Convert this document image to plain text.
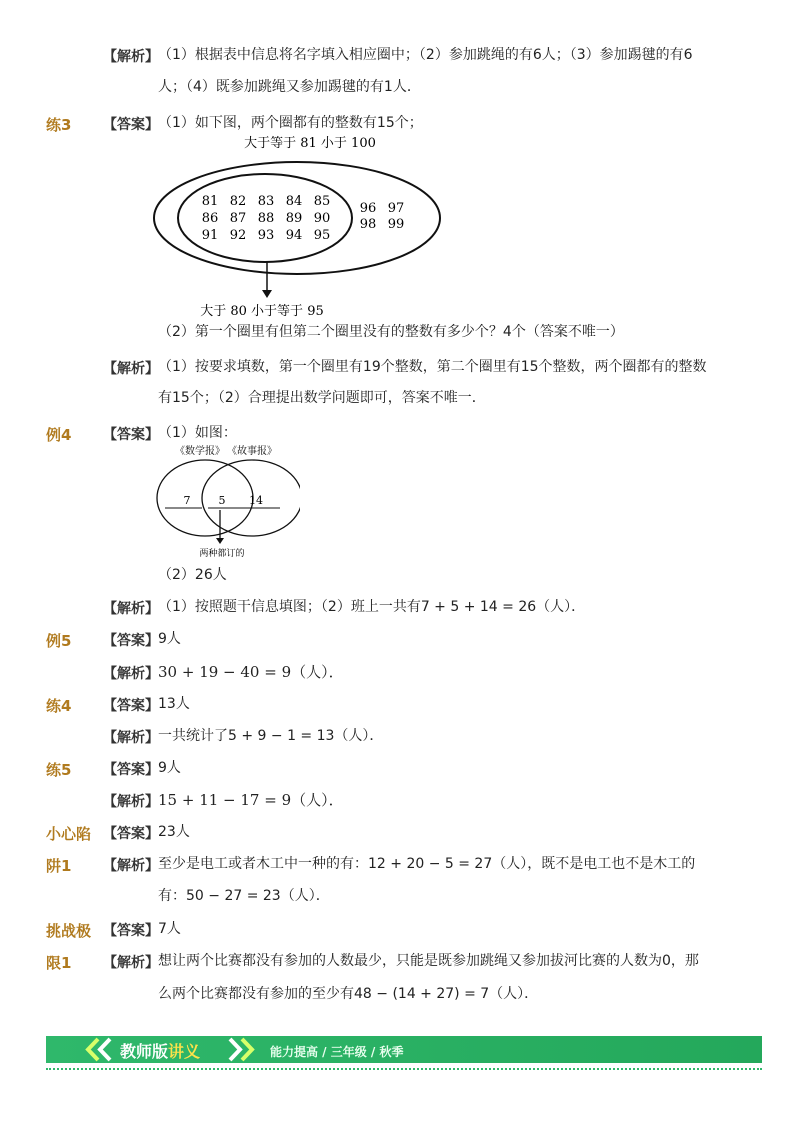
【解析】 （1）根据表中信息将名字填入相应圈中；（2）参加跳绳的有6人；（3）参加踢毽的有6
人；（4）既参加跳绳又参加踢毽的有1人．
练3 【答案】 （1）如下图，两个圈都有的整数有15个；
大于等于 81 小于 100
81 82 83 84 85
86 87 88 89 90
91 92 93 94 95
96 97
98 99
大于 80 小于等于 95
（2）第一个圈里有但第二个圈里没有的整数有多少个？4个（答案不唯一）
【解析】 （1）按要求填数，第一个圈里有19个整数，第二个圈里有15个整数，两个圈都有的整数
有15个；（2）合理提出数学问题即可，答案不唯一．
例4 【答案】 （1）如图：
《数学报》 《故事报》
7	5 14
两种都订的
（2）26人
【解析】 （1）按照题干信息填图；（2）班上一共有7 + 5 + 14 = 26（人）．
例5 【答案】 9人
【解析】 30 + 19 − 40 = 9（人）．
练4 【答案】 13人
【解析】 一共统计了5 + 9 − 1 = 13（人）．
练5 【答案】 9人
【解析】 15 + 11 − 17 = 9（人）．
小心陷
阱1
【答案】 23人
【解析】 至少是电工或者木工中一种的有：12 + 20 − 5 = 27（人），既不是电工也不是木工的
有：50 − 27 = 23（人）．
挑战极
限1
【答案】 7人
【解析】 想让两个比赛都没有参加的人数最少，只能是既参加跳绳又参加拔河比赛的人数为0，那
么两个比赛都没有参加的至少有48 − (14 + 27) = 7（人）．
教师版讲义	能力提高 / 三年级 / 秋季
